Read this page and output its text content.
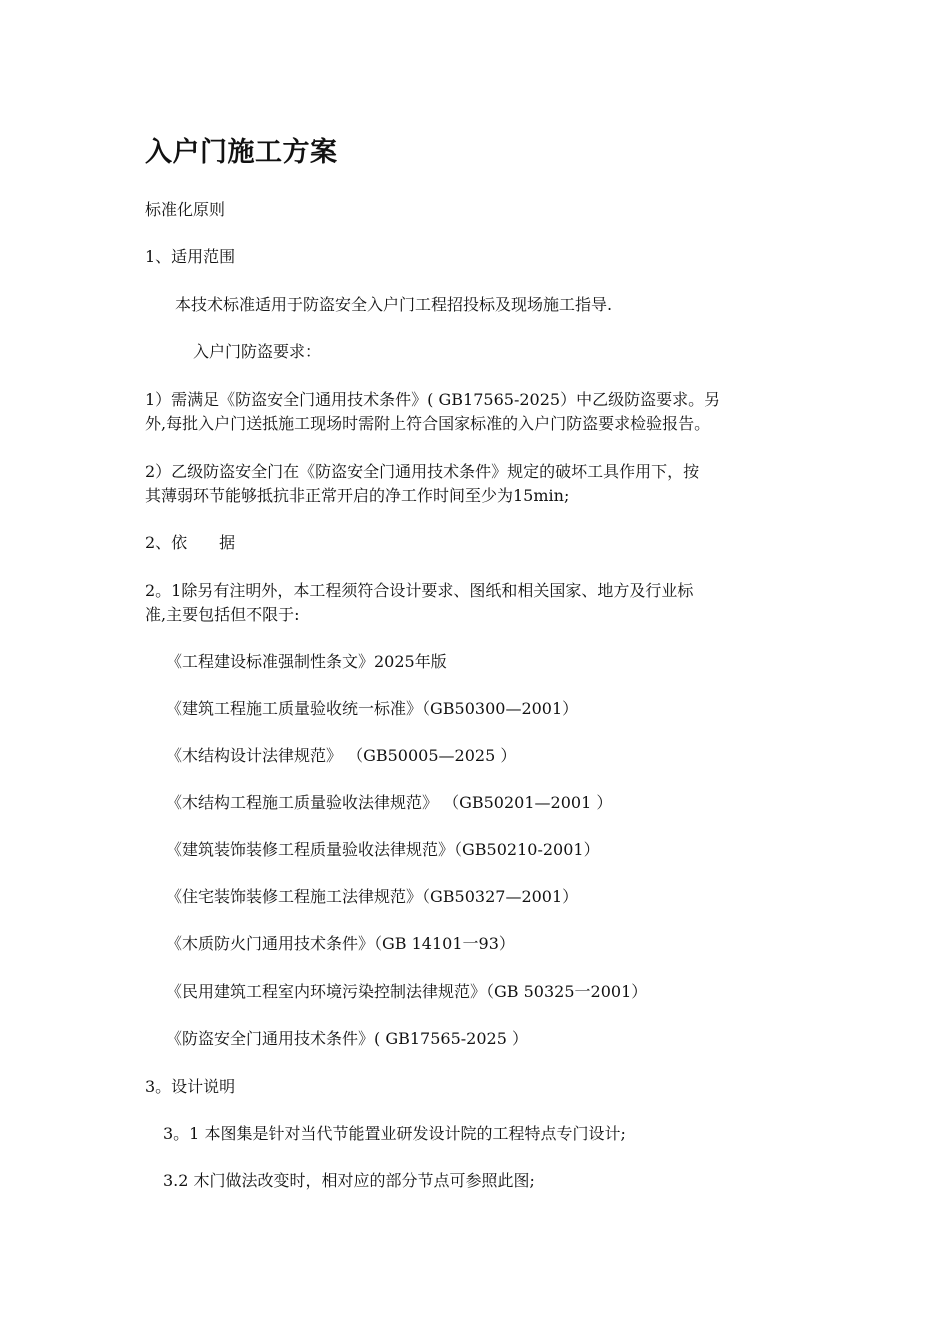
入户门施工方案
标准化原则
1、适用范围
本技术标准适用于防盗安全入户门工程招投标及现场施工指导.
入户门防盗要求：
1）需满足《防盗安全门通用技术条件》( GB17565-2025）中乙级防盗要求。另
外,每批入户门送抵施工现场时需附上符合国家标准的入户门防盗要求检验报告。
2）乙级防盗安全门在《防盗安全门通用技术条件》规定的破坏工具作用下，按
其薄弱环节能够抵抗非正常开启的净工作时间至少为15min;
2、依　　据
2。1除另有注明外，本工程须符合设计要求、图纸和相关国家、地方及行业标
准,主要包括但不限于:
《工程建设标准强制性条文》2025年版
《建筑工程施工质量验收统一标准》（GB50300—2001）
《木结构设计法律规范》 （GB50005—2025 ）
《木结构工程施工质量验收法律规范》 （GB50201—2001 ）
《建筑装饰装修工程质量验收法律规范》（GB50210-2001）
《住宅装饰装修工程施工法律规范》（GB50327—2001）
《木质防火门通用技术条件》（GB 14101一93）
《民用建筑工程室内环境污染控制法律规范》（GB 50325一2001）
《防盗安全门通用技术条件》( GB17565-2025 ）
3。设计说明
3。1 本图集是针对当代节能置业研发设计院的工程特点专门设计;
3.2 木门做法改变时，相对应的部分节点可参照此图;
